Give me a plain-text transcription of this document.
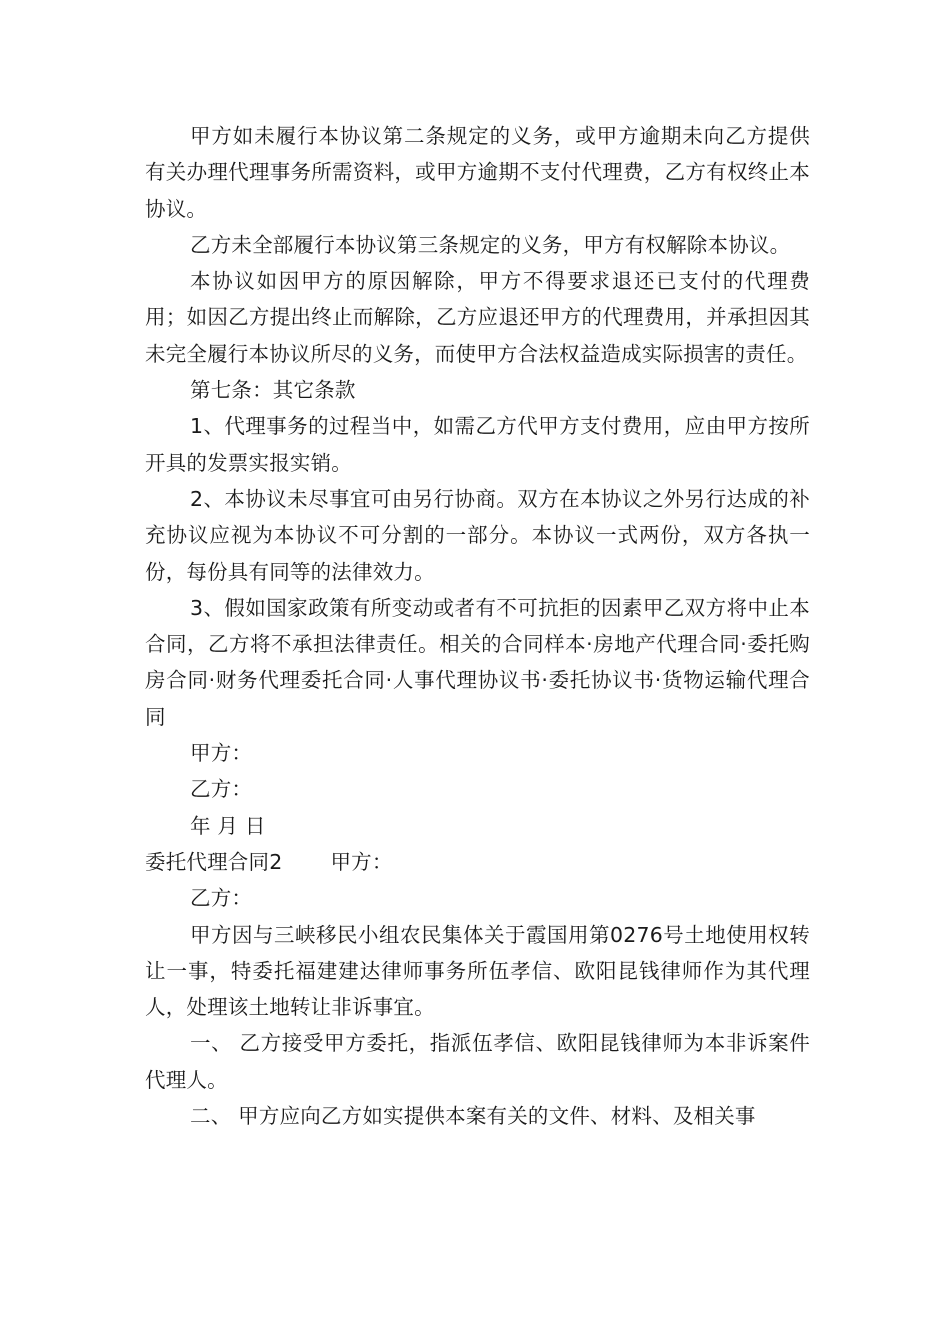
甲方如未履行本协议第二条规定的义务，或甲方逾期未向乙方提供有关办理代理事务所需资料，或甲方逾期不支付代理费，乙方有权终止本协议。

乙方未全部履行本协议第三条规定的义务，甲方有权解除本协议。

本协议如因甲方的原因解除，甲方不得要求退还已支付的代理费用；如因乙方提出终止而解除，乙方应退还甲方的代理费用，并承担因其未完全履行本协议所尽的义务，而使甲方合法权益造成实际损害的责任。

第七条：其它条款

1、代理事务的过程当中，如需乙方代甲方支付费用，应由甲方按所开具的发票实报实销。

2、本协议未尽事宜可由另行协商。双方在本协议之外另行达成的补充协议应视为本协议不可分割的一部分。本协议一式两份，双方各执一份，每份具有同等的法律效力。

3、假如国家政策有所变动或者有不可抗拒的因素甲乙双方将中止本合同，乙方将不承担法律责任。相关的合同样本·房地产代理合同·委托购房合同·财务代理委托合同·人事代理协议书·委托协议书·货物运输代理合同

甲方：

乙方：

年 月 日

委托代理合同2 甲方：

乙方：

甲方因与三峡移民小组农民集体关于霞国用第0276号土地使用权转让一事，特委托福建建达律师事务所伍孝信、欧阳昆钱律师作为其代理人，处理该土地转让非诉事宜。

一、 乙方接受甲方委托，指派伍孝信、欧阳昆钱律师为本非诉案件代理人。

二、 甲方应向乙方如实提供本案有关的文件、材料、及相关事
